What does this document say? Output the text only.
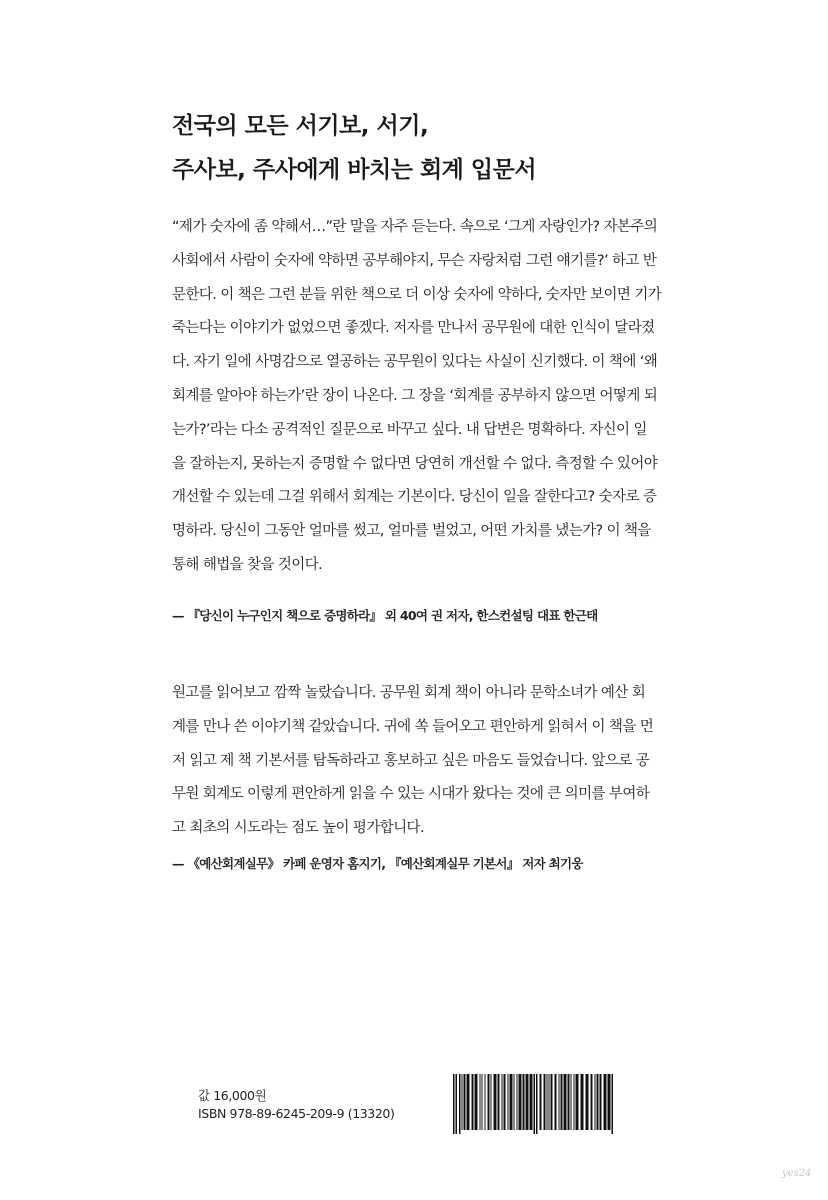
전국의 모든 서기보, 서기,
주사보, 주사에게 바치는 회계 입문서
“제가 숫자에 좀 약해서…”란 말을 자주 듣는다. 속으로 ‘그게 자랑인가? 자본주의
사회에서 사람이 숫자에 약하면 공부해야지, 무슨 자랑처럼 그런 얘기를?’ 하고 반
문한다. 이 책은 그런 분들 위한 책으로 더 이상 숫자에 약하다, 숫자만 보이면 기가
죽는다는 이야기가 없었으면 좋겠다. 저자를 만나서 공무원에 대한 인식이 달라졌
다. 자기 일에 사명감으로 열공하는 공무원이 있다는 사실이 신기했다. 이 책에 ‘왜
회계를 알아야 하는가’란 장이 나온다. 그 장을 ‘회계를 공부하지 않으면 어떻게 되
는가?’라는 다소 공격적인 질문으로 바꾸고 싶다. 내 답변은 명확하다. 자신이 일
을 잘하는지, 못하는지 증명할 수 없다면 당연히 개선할 수 없다. 측정할 수 있어야
개선할 수 있는데 그걸 위해서 회계는 기본이다. 당신이 일을 잘한다고? 숫자로 증
명하라. 당신이 그동안 얼마를 썼고, 얼마를 벌었고, 어떤 가치를 냈는가? 이 책을
통해 해법을 찾을 것이다.
— 『당신이 누구인지 책으로 증명하라』 외 40여 권 저자, 한스컨설팅 대표 한근태
원고를 읽어보고 깜짝 놀랐습니다. 공무원 회계 책이 아니라 문학소녀가 예산 회
계를 만나 쓴 이야기책 같았습니다. 귀에 쏙 들어오고 편안하게 읽혀서 이 책을 먼
저 읽고 제 책 기본서를 탐독하라고 홍보하고 싶은 마음도 들었습니다. 앞으로 공
무원 회계도 이렇게 편안하게 읽을 수 있는 시대가 왔다는 것에 큰 의미를 부여하
고 최초의 시도라는 점도 높이 평가합니다.
— 《예산회계실무》 카페 운영자 홈지기, 『예산회계실무 기본서』 저자 최기웅
값 16,000원
ISBN 978-89-6245-209-9 (13320)
yes24
